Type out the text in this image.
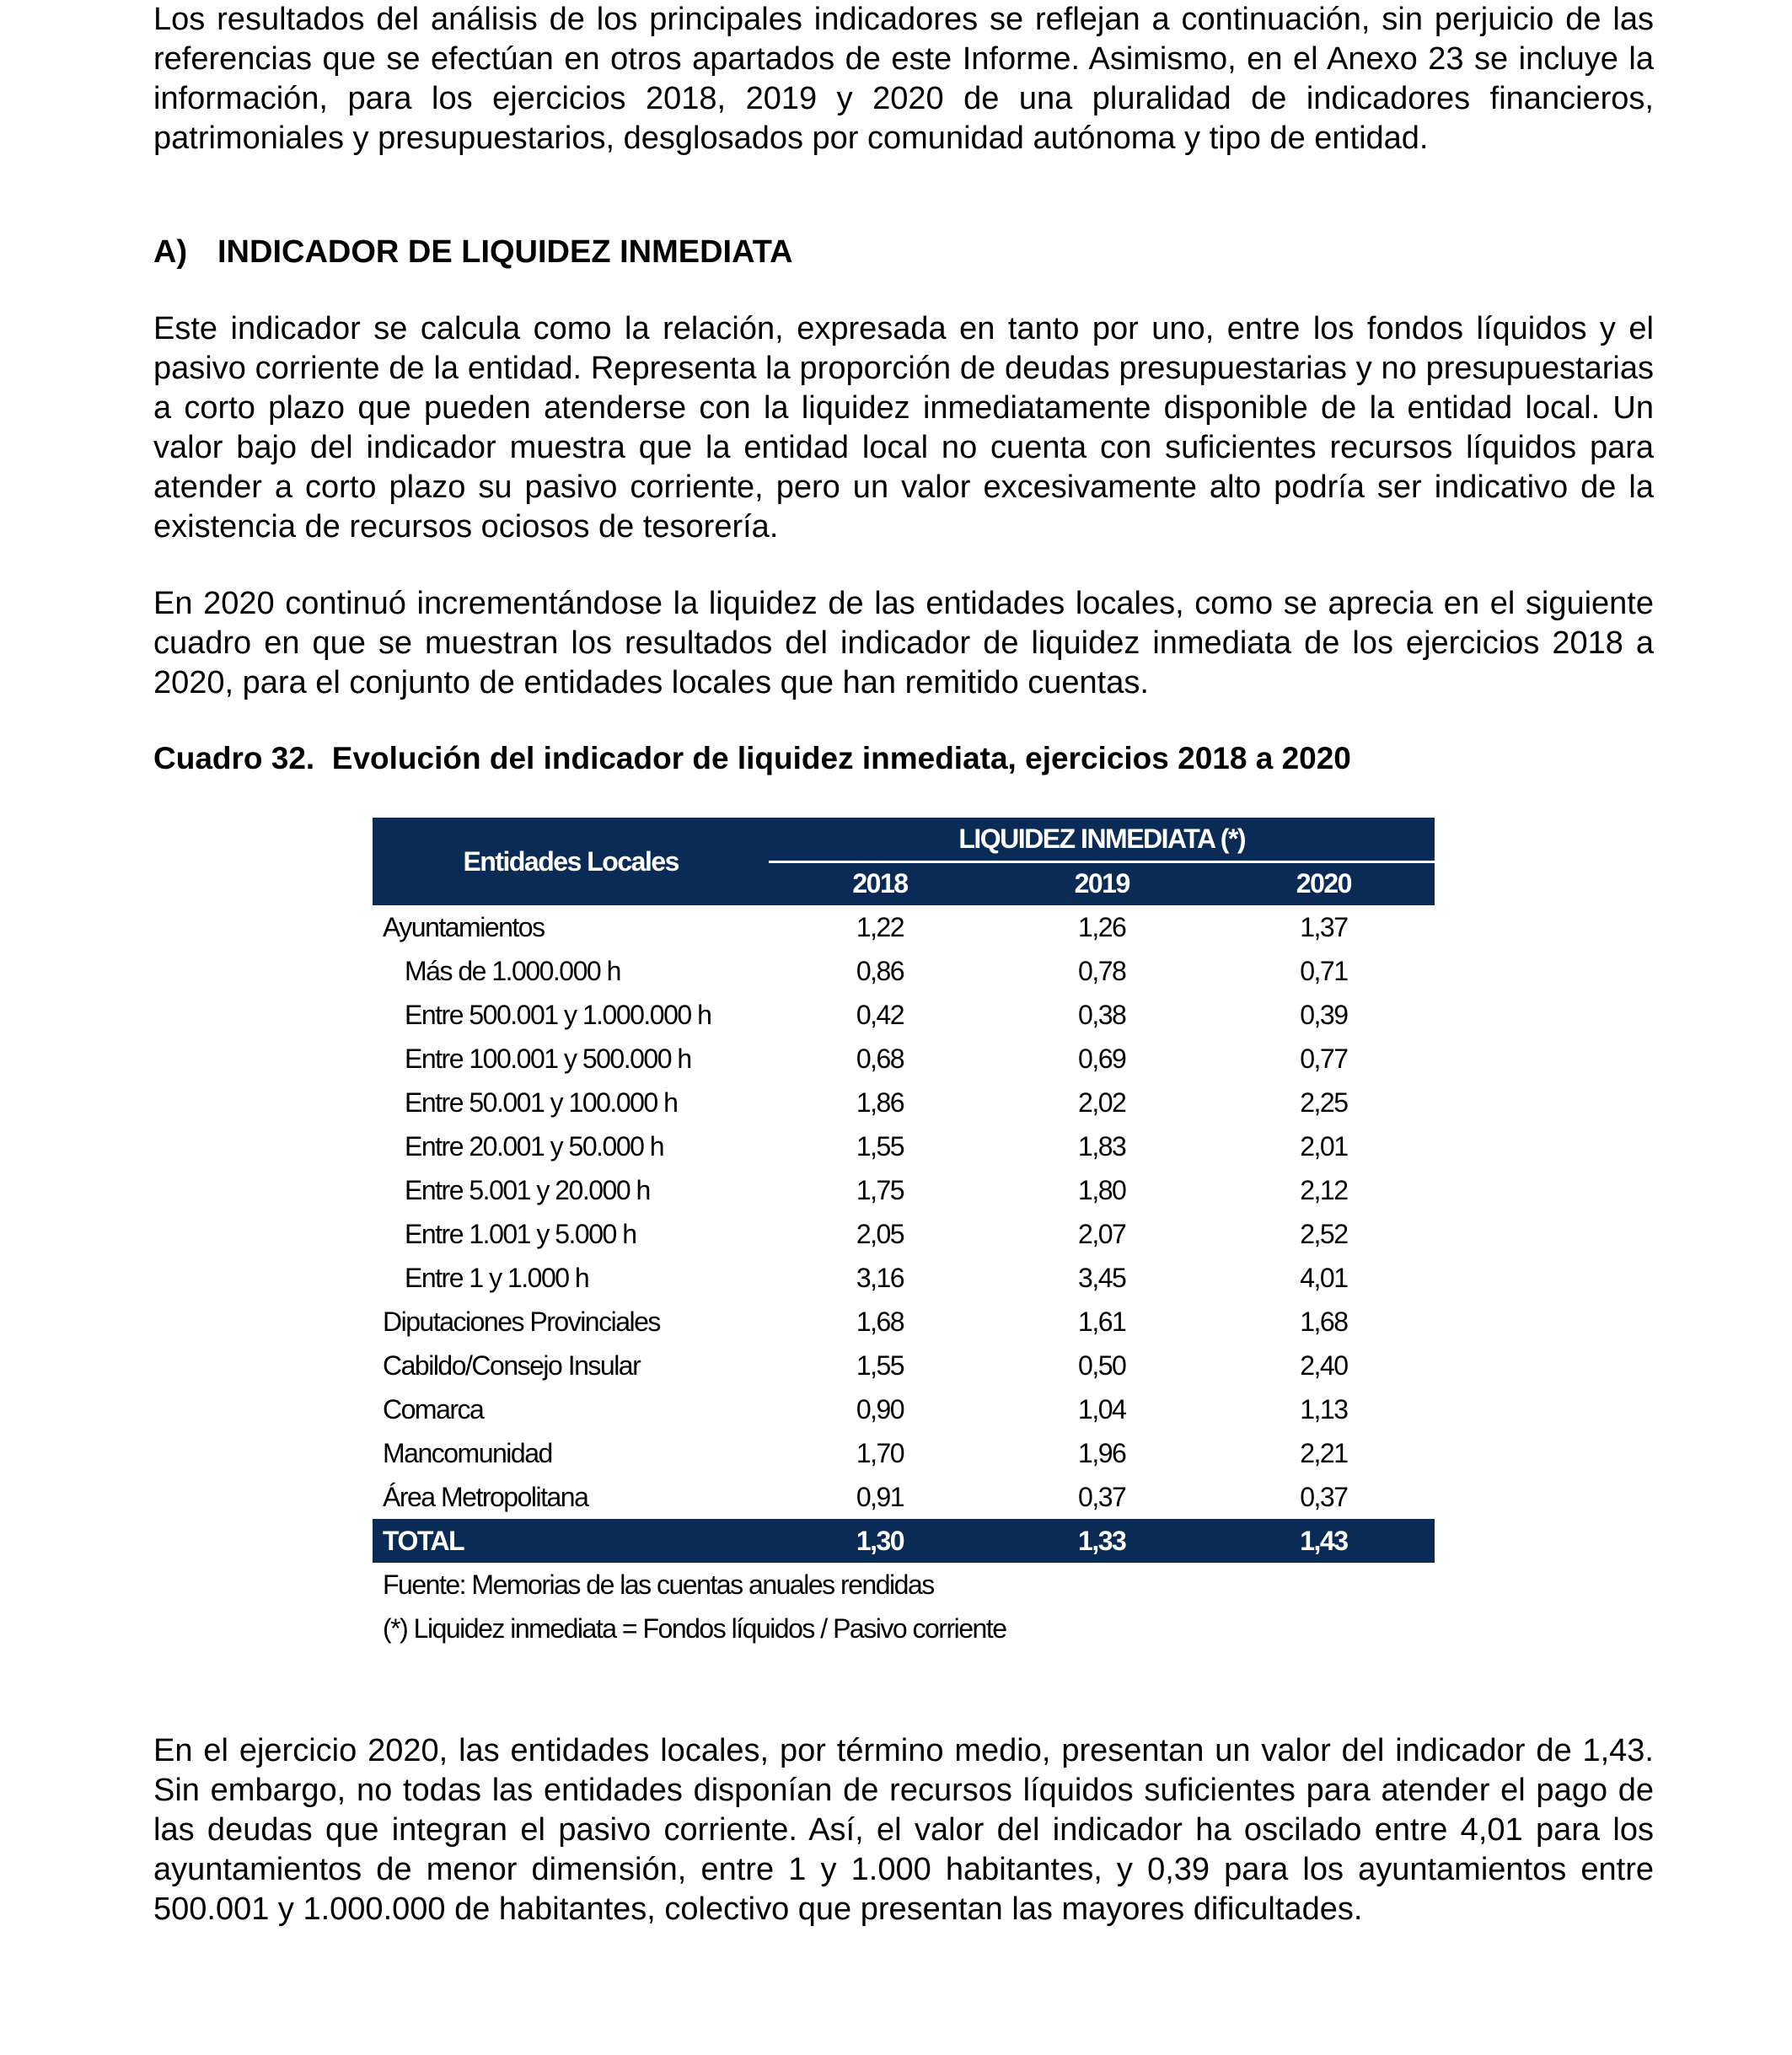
Los resultados del análisis de los principales indicadores se reflejan a continuación, sin perjuicio de las referencias que se efectúan en otros apartados de este Informe. Asimismo, en el Anexo 23 se incluye la información, para los ejercicios 2018, 2019 y 2020 de una pluralidad de indicadores financieros, patrimoniales y presupuestarios, desglosados por comunidad autónoma y tipo de entidad.

A) INDICADOR DE LIQUIDEZ INMEDIATA

Este indicador se calcula como la relación, expresada en tanto por uno, entre los fondos líquidos y el pasivo corriente de la entidad. Representa la proporción de deudas presupuestarias y no presupuestarias a corto plazo que pueden atenderse con la liquidez inmediatamente disponible de la entidad local. Un valor bajo del indicador muestra que la entidad local no cuenta con suficientes recursos líquidos para atender a corto plazo su pasivo corriente, pero un valor excesivamente alto podría ser indicativo de la existencia de recursos ociosos de tesorería.

En 2020 continuó incrementándose la liquidez de las entidades locales, como se aprecia en el siguiente cuadro en que se muestran los resultados del indicador de liquidez inmediata de los ejercicios 2018 a 2020, para el conjunto de entidades locales que han remitido cuentas.

Cuadro 32.  Evolución del indicador de liquidez inmediata, ejercicios 2018 a 2020

En el ejercicio 2020, las entidades locales, por término medio, presentan un valor del indicador de 1,43. Sin embargo, no todas las entidades disponían de recursos líquidos suficientes para atender el pago de las deudas que integran el pasivo corriente. Así, el valor del indicador ha oscilado entre 4,01 para los ayuntamientos de menor dimensión, entre 1 y 1.000 habitantes, y 0,39 para los ayuntamientos entre 500.001 y 1.000.000 de habitantes, colectivo que presentan las mayores dificultades.

Entidades Locales	LIQUIDEZ INMEDIATA (*)		
	2018	2019	2020
Ayuntamientos	1,22	1,26	1,37
Más de 1.000.000 h	0,86	0,78	0,71
Entre 500.001 y 1.000.000 h	0,42	0,38	0,39
Entre 100.001 y 500.000 h	0,68	0,69	0,77
Entre 50.001 y 100.000 h	1,86	2,02	2,25
Entre 20.001 y 50.000 h	1,55	1,83	2,01
Entre 5.001 y 20.000 h	1,75	1,80	2,12
Entre 1.001 y 5.000 h	2,05	2,07	2,52
Entre 1 y 1.000 h	3,16	3,45	4,01
Diputaciones Provinciales	1,68	1,61	1,68
Cabildo/Consejo Insular	1,55	0,50	2,40
Comarca	0,90	1,04	1,13
Mancomunidad	1,70	1,96	2,21
Área Metropolitana	0,91	0,37	0,37
TOTAL	1,30	1,33	1,43
Fuente: Memorias de las cuentas anuales rendidas
(*) Liquidez inmediata = Fondos líquidos / Pasivo corriente
